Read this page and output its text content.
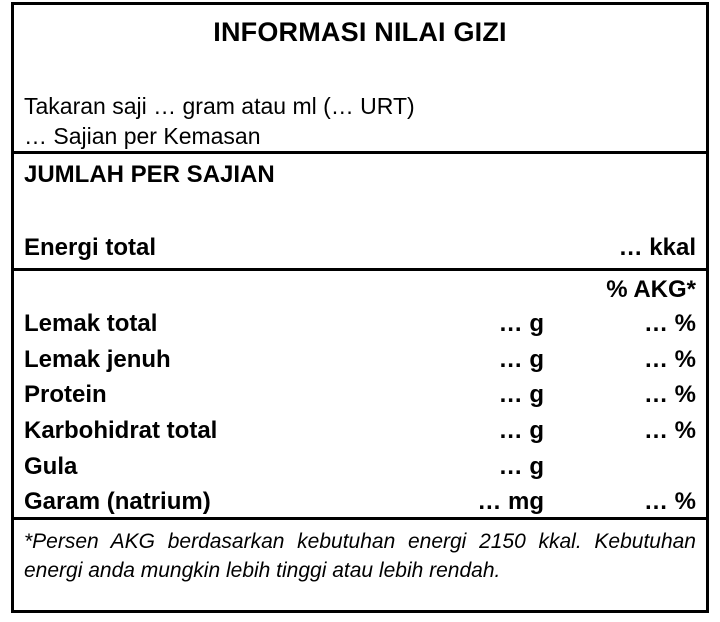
INFORMASI NILAI GIZI
Takaran saji … gram atau ml (… URT)
… Sajian per Kemasan
JUMLAH PER SAJIAN
Energi total	… kkal
% AKG*
Lemak total	… g	… %
Lemak jenuh	… g	… %
Protein	… g	… %
Karbohidrat total	… g	… %
Gula	… g
Garam (natrium)	… mg	… %
*Persen AKG berdasarkan kebutuhan energi 2150 kkal. Kebutuhan energi anda mungkin lebih tinggi atau lebih rendah.
